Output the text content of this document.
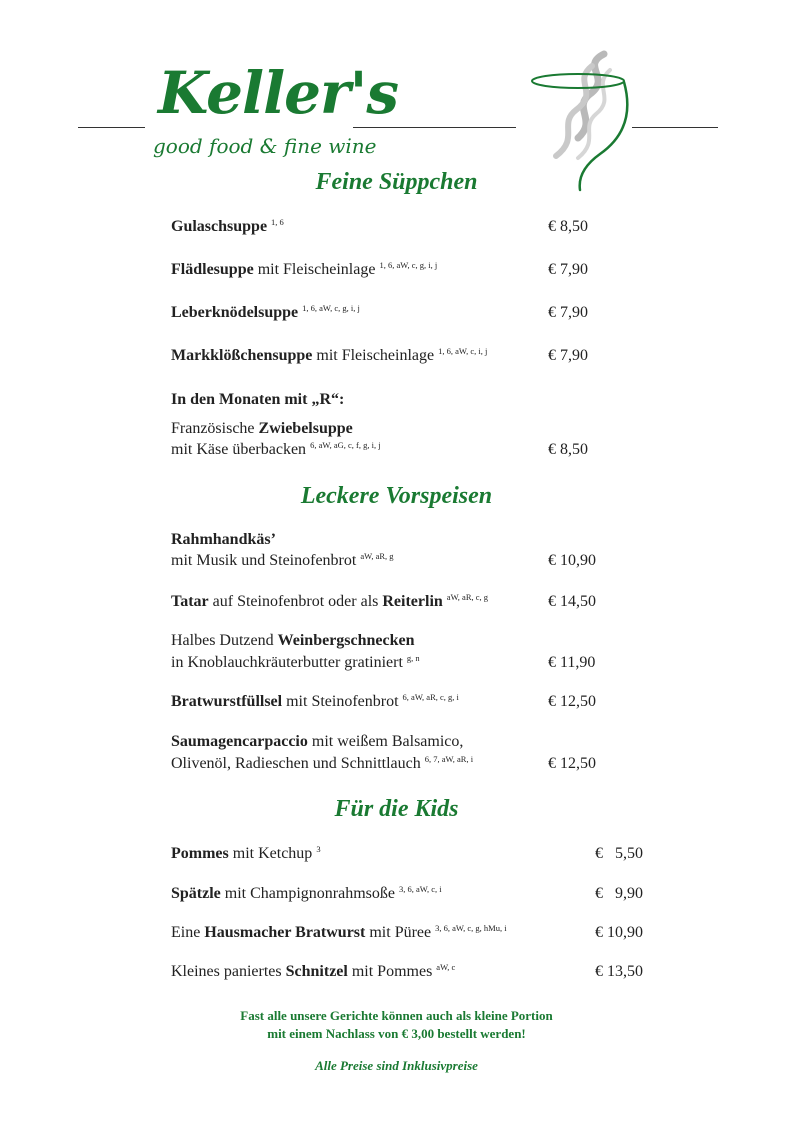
Keller's
good food & fine wine
Feine Süppchen
Gulaschsuppe $^{1, 6}$	€ 8,50
Flädlesuppe mit Fleischeinlage $^{1, 6, aW, c, g, i, j}$	€ 7,90
Leberknödelsuppe $^{1, 6, aW, c, g, i, j}$	€ 7,90
Markklößchensuppe mit Fleischeinlage $^{1, 6, aW, c, i, j}$	€ 7,90
In den Monaten mit „R“:
Französische Zwiebelsuppe
mit Käse überbacken $^{6, aW, aG, c, f, g, i, j}$	€ 8,50
Leckere Vorspeisen
Rahmhandkäs’
mit Musik und Steinofenbrot $^{aW, aR, g}$	€ 10,90
Tatar auf Steinofenbrot oder als Reiterlin $^{aW, aR, c, g}$	€ 14,50
Halbes Dutzend Weinbergschnecken
in Knoblauchkräuterbutter gratiniert $^{g, n}$	€ 11,90
Bratwurstfüllsel mit Steinofenbrot $^{6, aW, aR, c, g, i}$	€ 12,50
Saumagencarpaccio mit weißem Balsamico,
Olivenöl, Radieschen und Schnittlauch $^{6, 7, aW, aR, i}$	€ 12,50
Für die Kids
Pommes mit Ketchup $^3$	€   5,50
Spätzle mit Champignonrahmsoße $^{3, 6, aW, c, i}$	€   9,90
Eine Hausmacher Bratwurst mit Püree $^{3, 6, aW, c, g, hMu, i}$	€ 10,90
Kleines paniertes Schnitzel mit Pommes $^{aW, c}$	€ 13,50
Fast alle unsere Gerichte können auch als kleine Portion
mit einem Nachlass von € 3,00 bestellt werden!
Alle Preise sind Inklusivpreise
